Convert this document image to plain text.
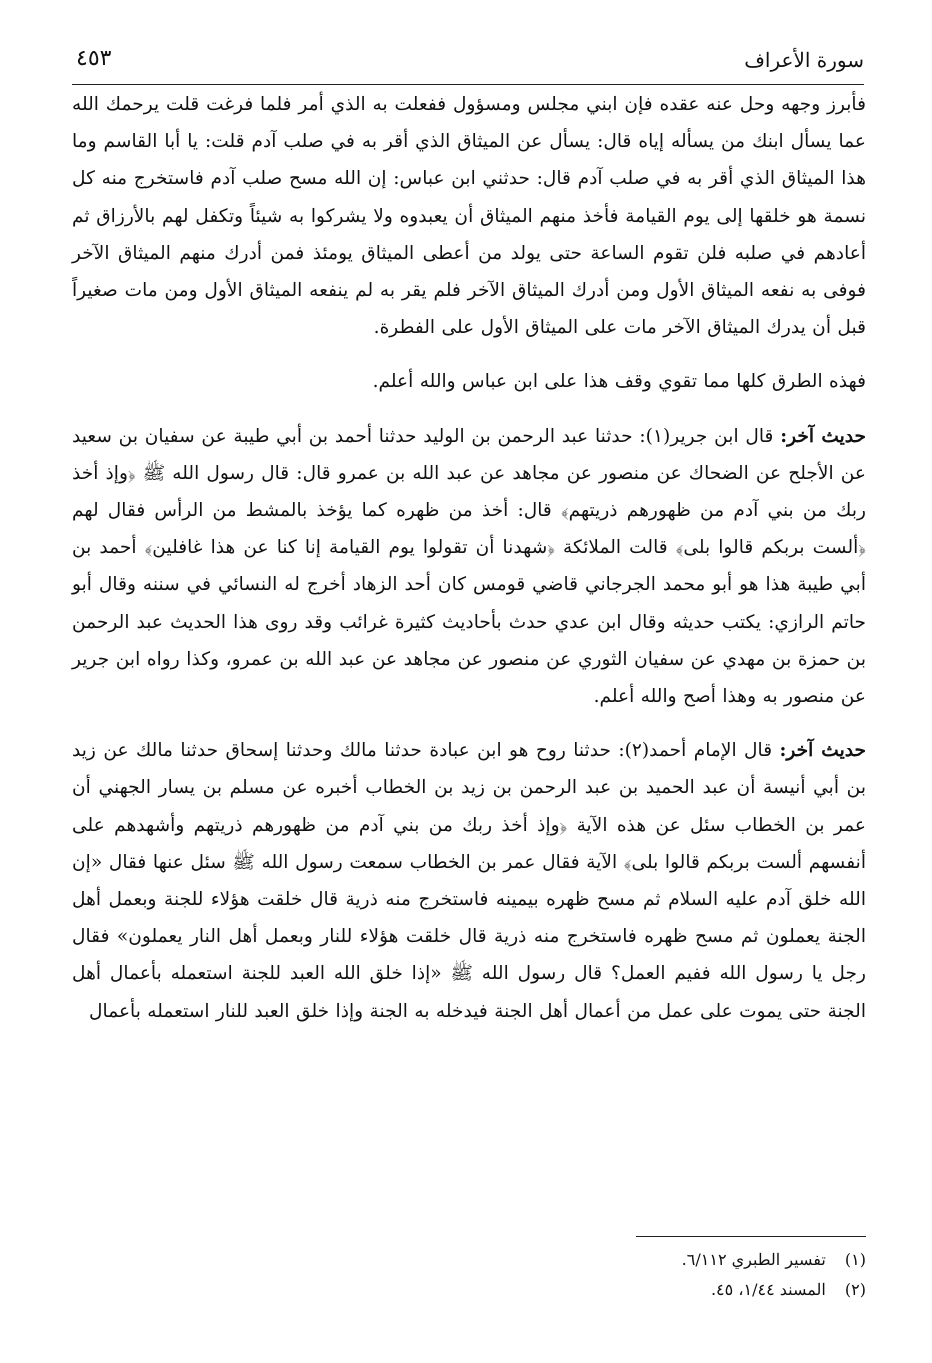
سورة الأعراف
٤٥٣

فأبرز وجهه وحل عنه عقده فإن ابني مجلس ومسؤول ففعلت به الذي أمر فلما فرغت قلت يرحمك الله عما يسأل ابنك من يسأله إياه قال: يسأل عن الميثاق الذي أقر به في صلب آدم قلت: يا أبا القاسم وما هذا الميثاق الذي أقر به في صلب آدم قال: حدثني ابن عباس: إن الله مسح صلب آدم فاستخرج منه كل نسمة هو خلقها إلى يوم القيامة فأخذ منهم الميثاق أن يعبدوه ولا يشركوا به شيئاً وتكفل لهم بالأرزاق ثم أعادهم في صلبه فلن تقوم الساعة حتى يولد من أعطى الميثاق يومئذ فمن أدرك منهم الميثاق الآخر فوفى به نفعه الميثاق الأول ومن أدرك الميثاق الآخر فلم يقر به لم ينفعه الميثاق الأول ومن مات صغيراً قبل أن يدرك الميثاق الآخر مات على الميثاق الأول على الفطرة.

فهذه الطرق كلها مما تقوي وقف هذا على ابن عباس والله أعلم.

حديث آخر: قال ابن جرير(١): حدثنا عبد الرحمن بن الوليد حدثنا أحمد بن أبي طيبة عن سفيان بن سعيد عن الأجلح عن الضحاك عن منصور عن مجاهد عن عبد الله بن عمرو قال: قال رسول الله ﷺ ﴿وإذ أخذ ربك من بني آدم من ظهورهم ذريتهم﴾ قال: أخذ من ظهره كما يؤخذ بالمشط من الرأس فقال لهم ﴿ألست بربكم قالوا بلى﴾ قالت الملائكة ﴿شهدنا أن تقولوا يوم القيامة إنا كنا عن هذا غافلين﴾ أحمد بن أبي طيبة هذا هو أبو محمد الجرجاني قاضي قومس كان أحد الزهاد أخرج له النسائي في سننه وقال أبو حاتم الرازي: يكتب حديثه وقال ابن عدي حدث بأحاديث كثيرة غرائب وقد روى هذا الحديث عبد الرحمن بن حمزة بن مهدي عن سفيان الثوري عن منصور عن مجاهد عن عبد الله بن عمرو، وكذا رواه ابن جرير عن منصور به وهذا أصح والله أعلم.

حديث آخر: قال الإمام أحمد(٢): حدثنا روح هو ابن عبادة حدثنا مالك وحدثنا إسحاق حدثنا مالك عن زيد بن أبي أنيسة أن عبد الحميد بن عبد الرحمن بن زيد بن الخطاب أخبره عن مسلم بن يسار الجهني أن عمر بن الخطاب سئل عن هذه الآية ﴿وإذ أخذ ربك من بني آدم من ظهورهم ذريتهم وأشهدهم على أنفسهم ألست بربكم قالوا بلى﴾ الآية فقال عمر بن الخطاب سمعت رسول الله ﷺ سئل عنها فقال «إن الله خلق آدم عليه السلام ثم مسح ظهره بيمينه فاستخرج منه ذرية قال خلقت هؤلاء للجنة وبعمل أهل الجنة يعملون ثم مسح ظهره فاستخرج منه ذرية قال خلقت هؤلاء للنار وبعمل أهل النار يعملون» فقال رجل يا رسول الله ففيم العمل؟ قال رسول الله ﷺ «إذا خلق الله العبد للجنة استعمله بأعمال أهل الجنة حتى يموت على عمل من أعمال أهل الجنة فيدخله به الجنة وإذا خلق العبد للنار استعمله بأعمال

(١) تفسير الطبري ٦/١١٢.
(٢) المسند ١/٤٤، ٤٥.
